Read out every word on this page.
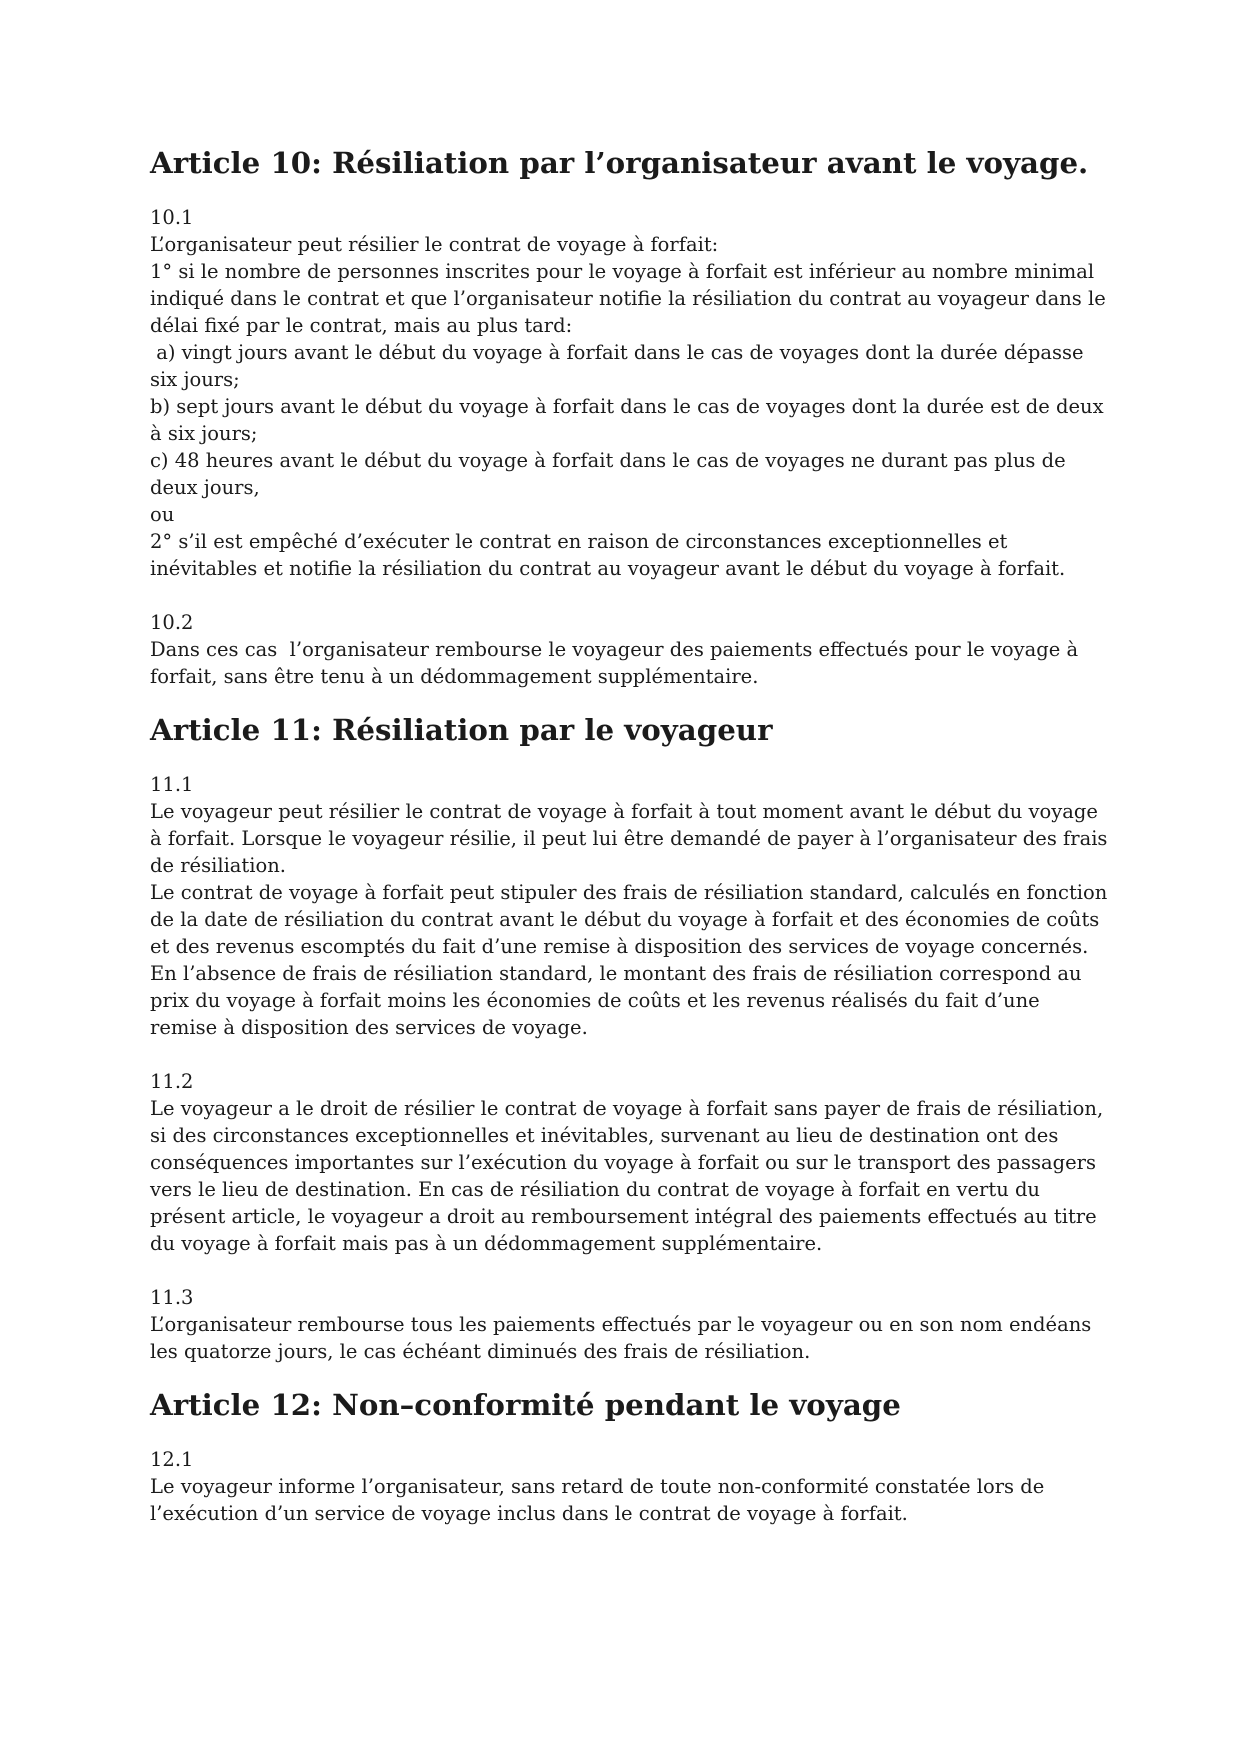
Article 10: Résiliation par l’organisateur avant le voyage.

10.1

L’organisateur peut résilier le contrat de voyage à forfait:

1° si le nombre de personnes inscrites pour le voyage à forfait est inférieur au nombre minimal indiqué dans le contrat et que l’organisateur notifie la résiliation du contrat au voyageur dans le délai fixé par le contrat, mais au plus tard:

a) vingt jours avant le début du voyage à forfait dans le cas de voyages dont la durée dépasse six jours;

b) sept jours avant le début du voyage à forfait dans le cas de voyages dont la durée est de deux à six jours;

c) 48 heures avant le début du voyage à forfait dans le cas de voyages ne durant pas plus de deux jours,

ou

2° s’il est empêché d’exécuter le contrat en raison de circonstances exceptionnelles et inévitables et notifie la résiliation du contrat au voyageur avant le début du voyage à forfait.

10.2

Dans ces cas  l’organisateur rembourse le voyageur des paiements effectués pour le voyage à forfait, sans être tenu à un dédommagement supplémentaire.

Article 11: Résiliation par le voyageur

11.1

Le voyageur peut résilier le contrat de voyage à forfait à tout moment avant le début du voyage à forfait. Lorsque le voyageur résilie, il peut lui être demandé de payer à l’organisateur des frais de résiliation.

Le contrat de voyage à forfait peut stipuler des frais de résiliation standard, calculés en fonction de la date de résiliation du contrat avant le début du voyage à forfait et des économies de coûts et des revenus escomptés du fait d’une remise à disposition des services de voyage concernés. En l’absence de frais de résiliation standard, le montant des frais de résiliation correspond au prix du voyage à forfait moins les économies de coûts et les revenus réalisés du fait d’une remise à disposition des services de voyage.

11.2

Le voyageur a le droit de résilier le contrat de voyage à forfait sans payer de frais de résiliation, si des circonstances exceptionnelles et inévitables, survenant au lieu de destination ont des conséquences importantes sur l’exécution du voyage à forfait ou sur le transport des passagers vers le lieu de destination. En cas de résiliation du contrat de voyage à forfait en vertu du présent article, le voyageur a droit au remboursement intégral des paiements effectués au titre du voyage à forfait mais pas à un dédommagement supplémentaire.

11.3

L’organisateur rembourse tous les paiements effectués par le voyageur ou en son nom endéans les quatorze jours, le cas échéant diminués des frais de résiliation.

Article 12: Non–conformité pendant le voyage

12.1

Le voyageur informe l’organisateur, sans retard de toute non-conformité constatée lors de l’exécution d’un service de voyage inclus dans le contrat de voyage à forfait.
